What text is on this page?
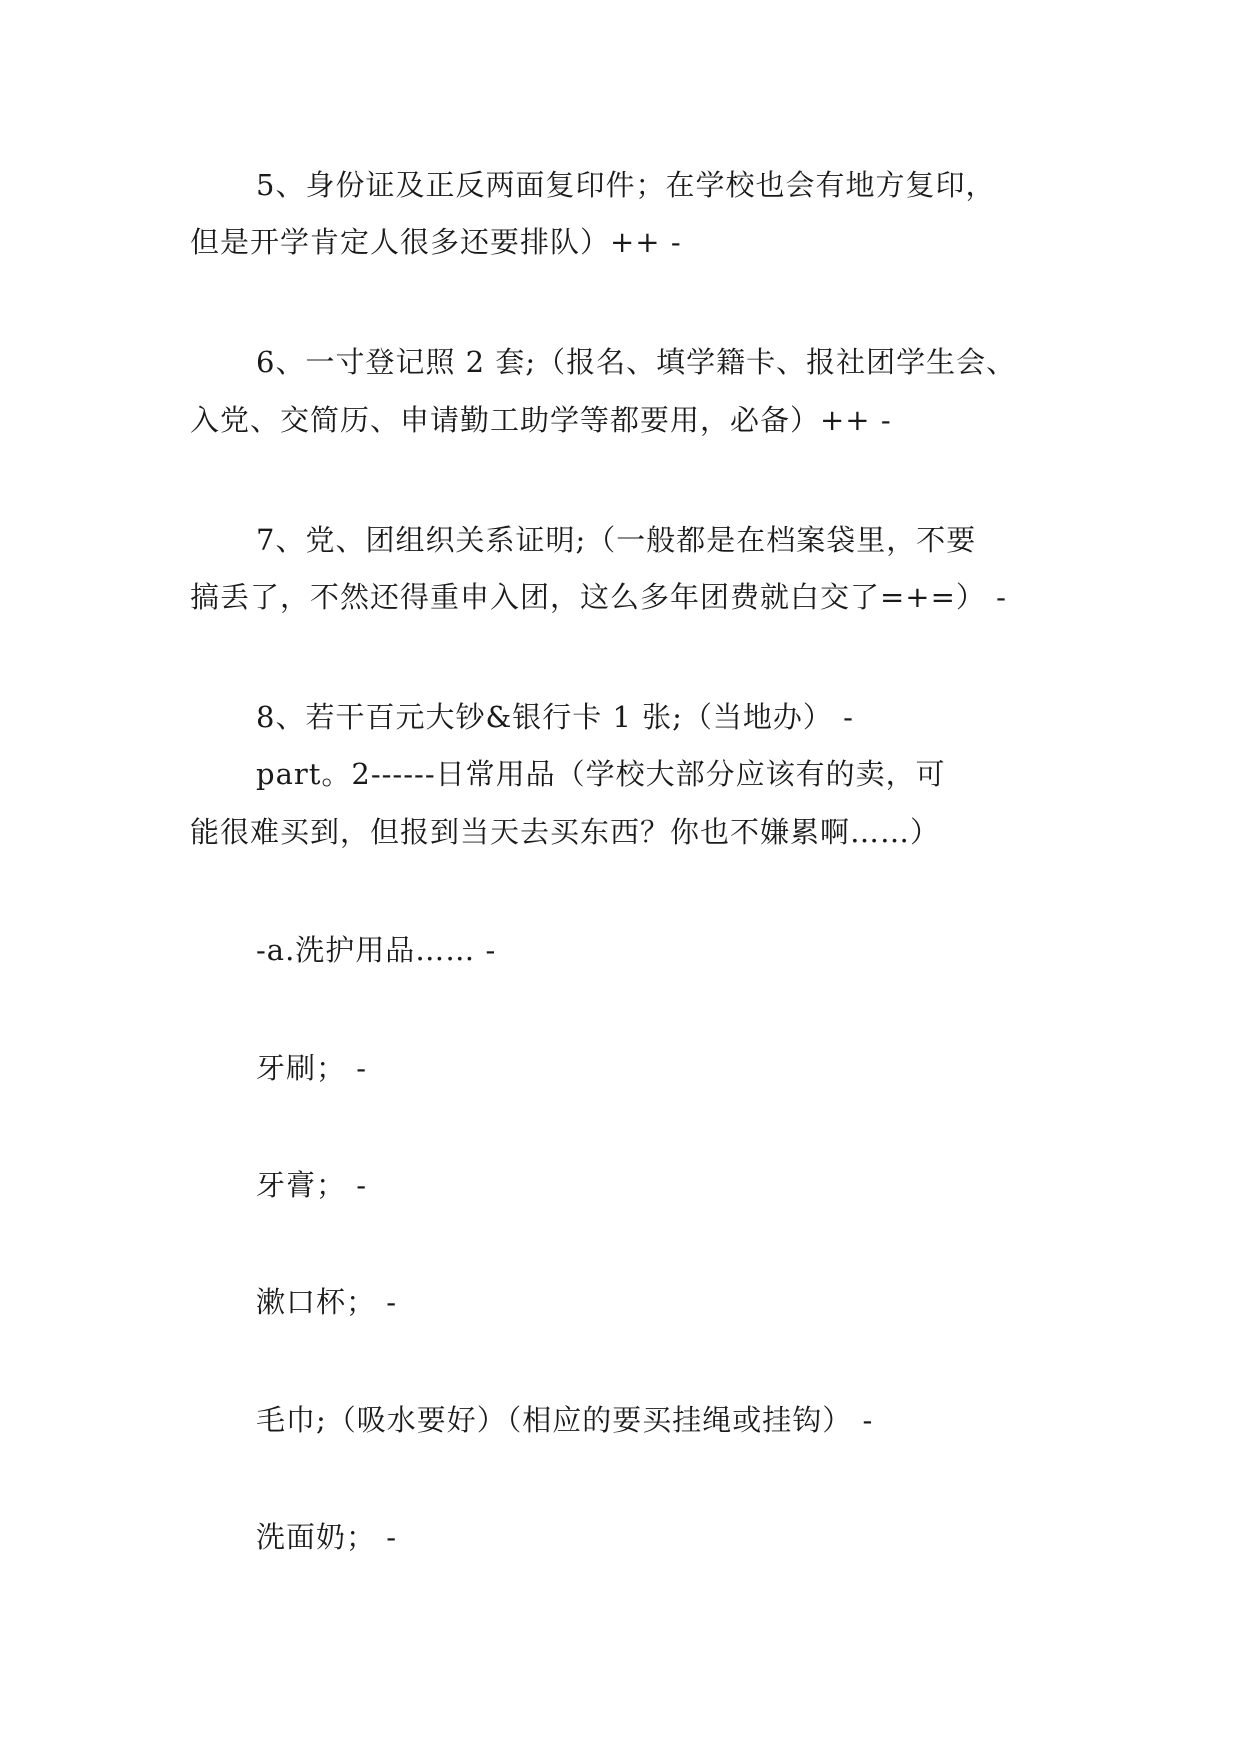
5、身份证及正反两面复印件；在学校也会有地方复印，
但是开学肯定人很多还要排队）++ -
6、一寸登记照 2 套;（报名、填学籍卡、报社团学生会、
入党、交简历、申请勤工助学等都要用，必备）++ -
7、党、团组织关系证明;（一般都是在档案袋里，不要
搞丢了，不然还得重申入团，这么多年团费就白交了=+=） -
8、若干百元大钞&银行卡 1 张;（当地办） -
part。2------日常用品（学校大部分应该有的卖，可
能很难买到，但报到当天去买东西？你也不嫌累啊……）
-a.洗护用品…… -
牙刷； -
牙膏； -
漱口杯； -
毛巾;（吸水要好）（相应的要买挂绳或挂钩） -
洗面奶； -
